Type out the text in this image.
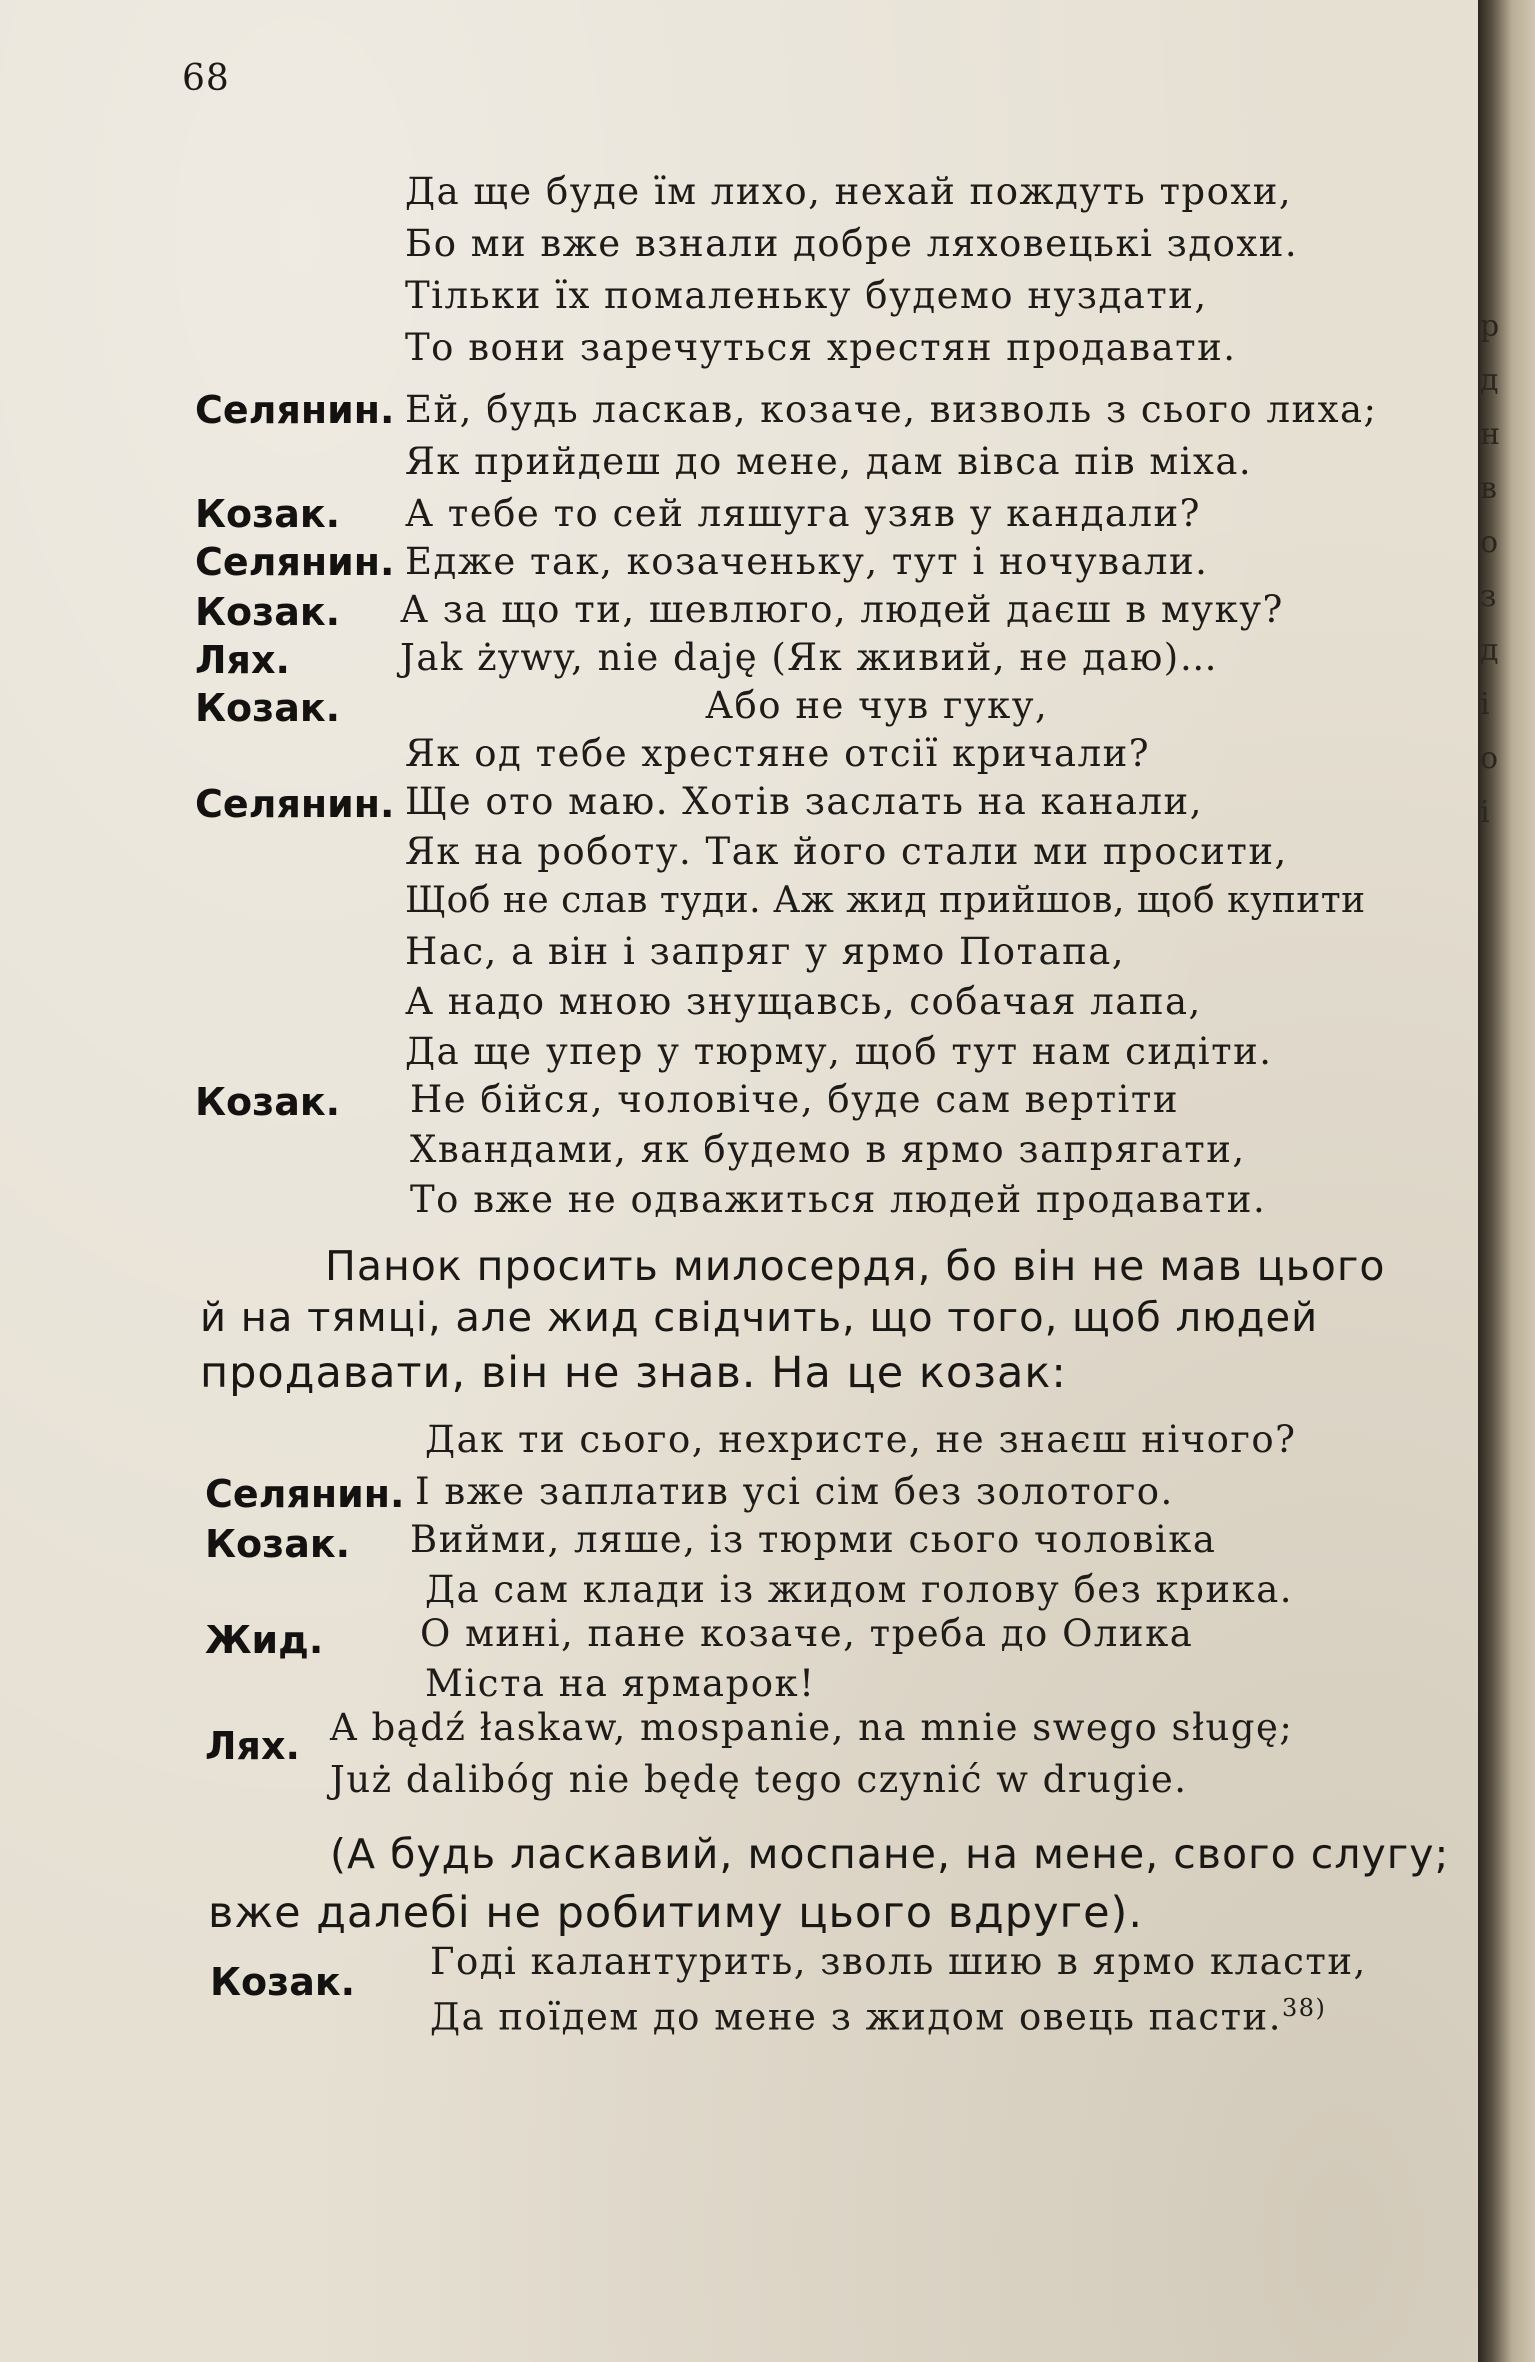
68
Да ще буде їм лихо, нехай пождуть трохи,
Бо ми вже взнали добре ляховецькі здохи.
Тільки їх помаленьку будемо нуздати,
То вони заречуться хрестян продавати.
Селянин. Ей, будь ласкав, козаче, визволь з сього лиха;
Як прийдеш до мене, дам вівса пів міха.
Козак. А тебе то сей ляшуга узяв у кандали?
Селянин. Едже так, козаченьку, тут і ночували.
Козак. А за що ти, шевлюго, людей даєш в муку?
Лях.	Jak żywy, nie daję (Як живий, не даю)…
Козак.	Або не чув гуку,
Як од тебе хрестяне отсії кричали?
Селянин. Ще ото маю. Хотів заслать на канали,
Як на роботу. Так його стали ми просити,
Щоб не слав туди. Аж жид прийшов, щоб купити
Нас, а він і запряг у ярмо Потапа,
А надо мною знущавсь, собачая лапа,
Да ще упер у тюрму, щоб тут нам сидіти.
Козак. Не бійся, чоловіче, буде сам вертіти
Хвандами, як будемо в ярмо запрягати,
То вже не одважиться людей продавати.
Панок просить милосердя, бо він не мав цього
й на тямці, але жид свідчить, що того, щоб людей
продавати, він не знав. На це козак:
Дак ти сього, нехристе, не знаєш нічого?
Селянин. І вже заплатив усі сім без золотого.
Козак. Вийми, ляше, із тюрми сього чоловіка
Да сам клади із жидом голову без крика.
Жид.	О мині, пане козаче, треба до Олика
Міста на ярмарок!
Лях. A bądź łaskaw, mospanie, na mnie swego sługę;
Już dalibóg nie będę tego czynić w drugie.
(А будь ласкавий, моспане, на мене, свого слугу;
вже далебі не робитиму цього вдруге).
Козак. Годі калантурить, зволь шию в ярмо класти,
Да поїдем до мене з жидом овець пасти.$^{38)}$
р
д
н
в
о
з
д
і
о
і
